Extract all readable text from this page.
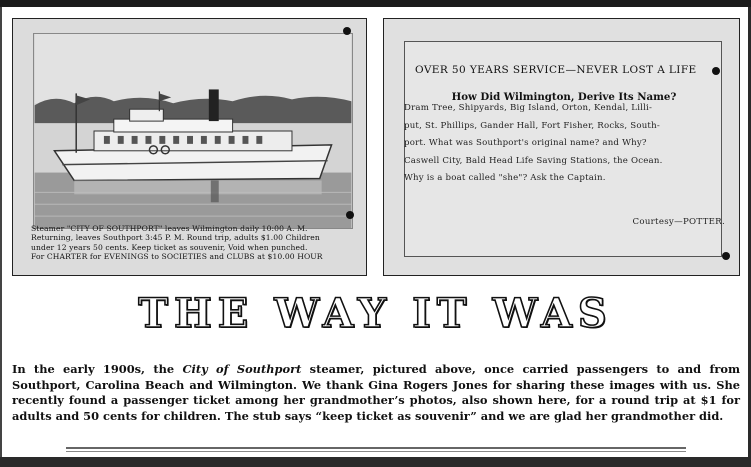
Steamer "CITY OF SOUTHPORT" leaves Wilmington daily 10:00 A. M.
Returning, leaves Southport 3:45 P. M. Round trip, adults $1.00 Children
under 12 years 50 cents. Keep ticket as souvenir, Void when punched.
For CHARTER for EVENINGS to SOCIETIES and CLUBS at $10.00 HOUR
OVER 50 YEARS SERVICE—NEVER LOST A LIFE
How Did Wilmington, Derive Its Name?
Dram Tree, Shipyards, Big Island, Orton, Kendal, Lilli-
put, St. Phillips, Gander Hall, Fort Fisher, Rocks, South-
port. What was Southport's original name? and Why?
Caswell City, Bald Head Life Saving Stations, the Ocean.
Why is a boat called "she"? Ask the Captain.
Courtesy—POTTER.
THE WAY IT WAS
In the early 1900s, the City of Southport steamer, pictured above, once carried passengers to and from Southport, Carolina Beach and Wilmington. We thank Gina Rogers Jones for sharing these images with us. She recently found a passenger ticket among her grandmother’s photos, also shown here, for a round trip at $1 for adults and 50 cents for children. The stub says “keep ticket as souvenir” and we are glad her grandmother did.
